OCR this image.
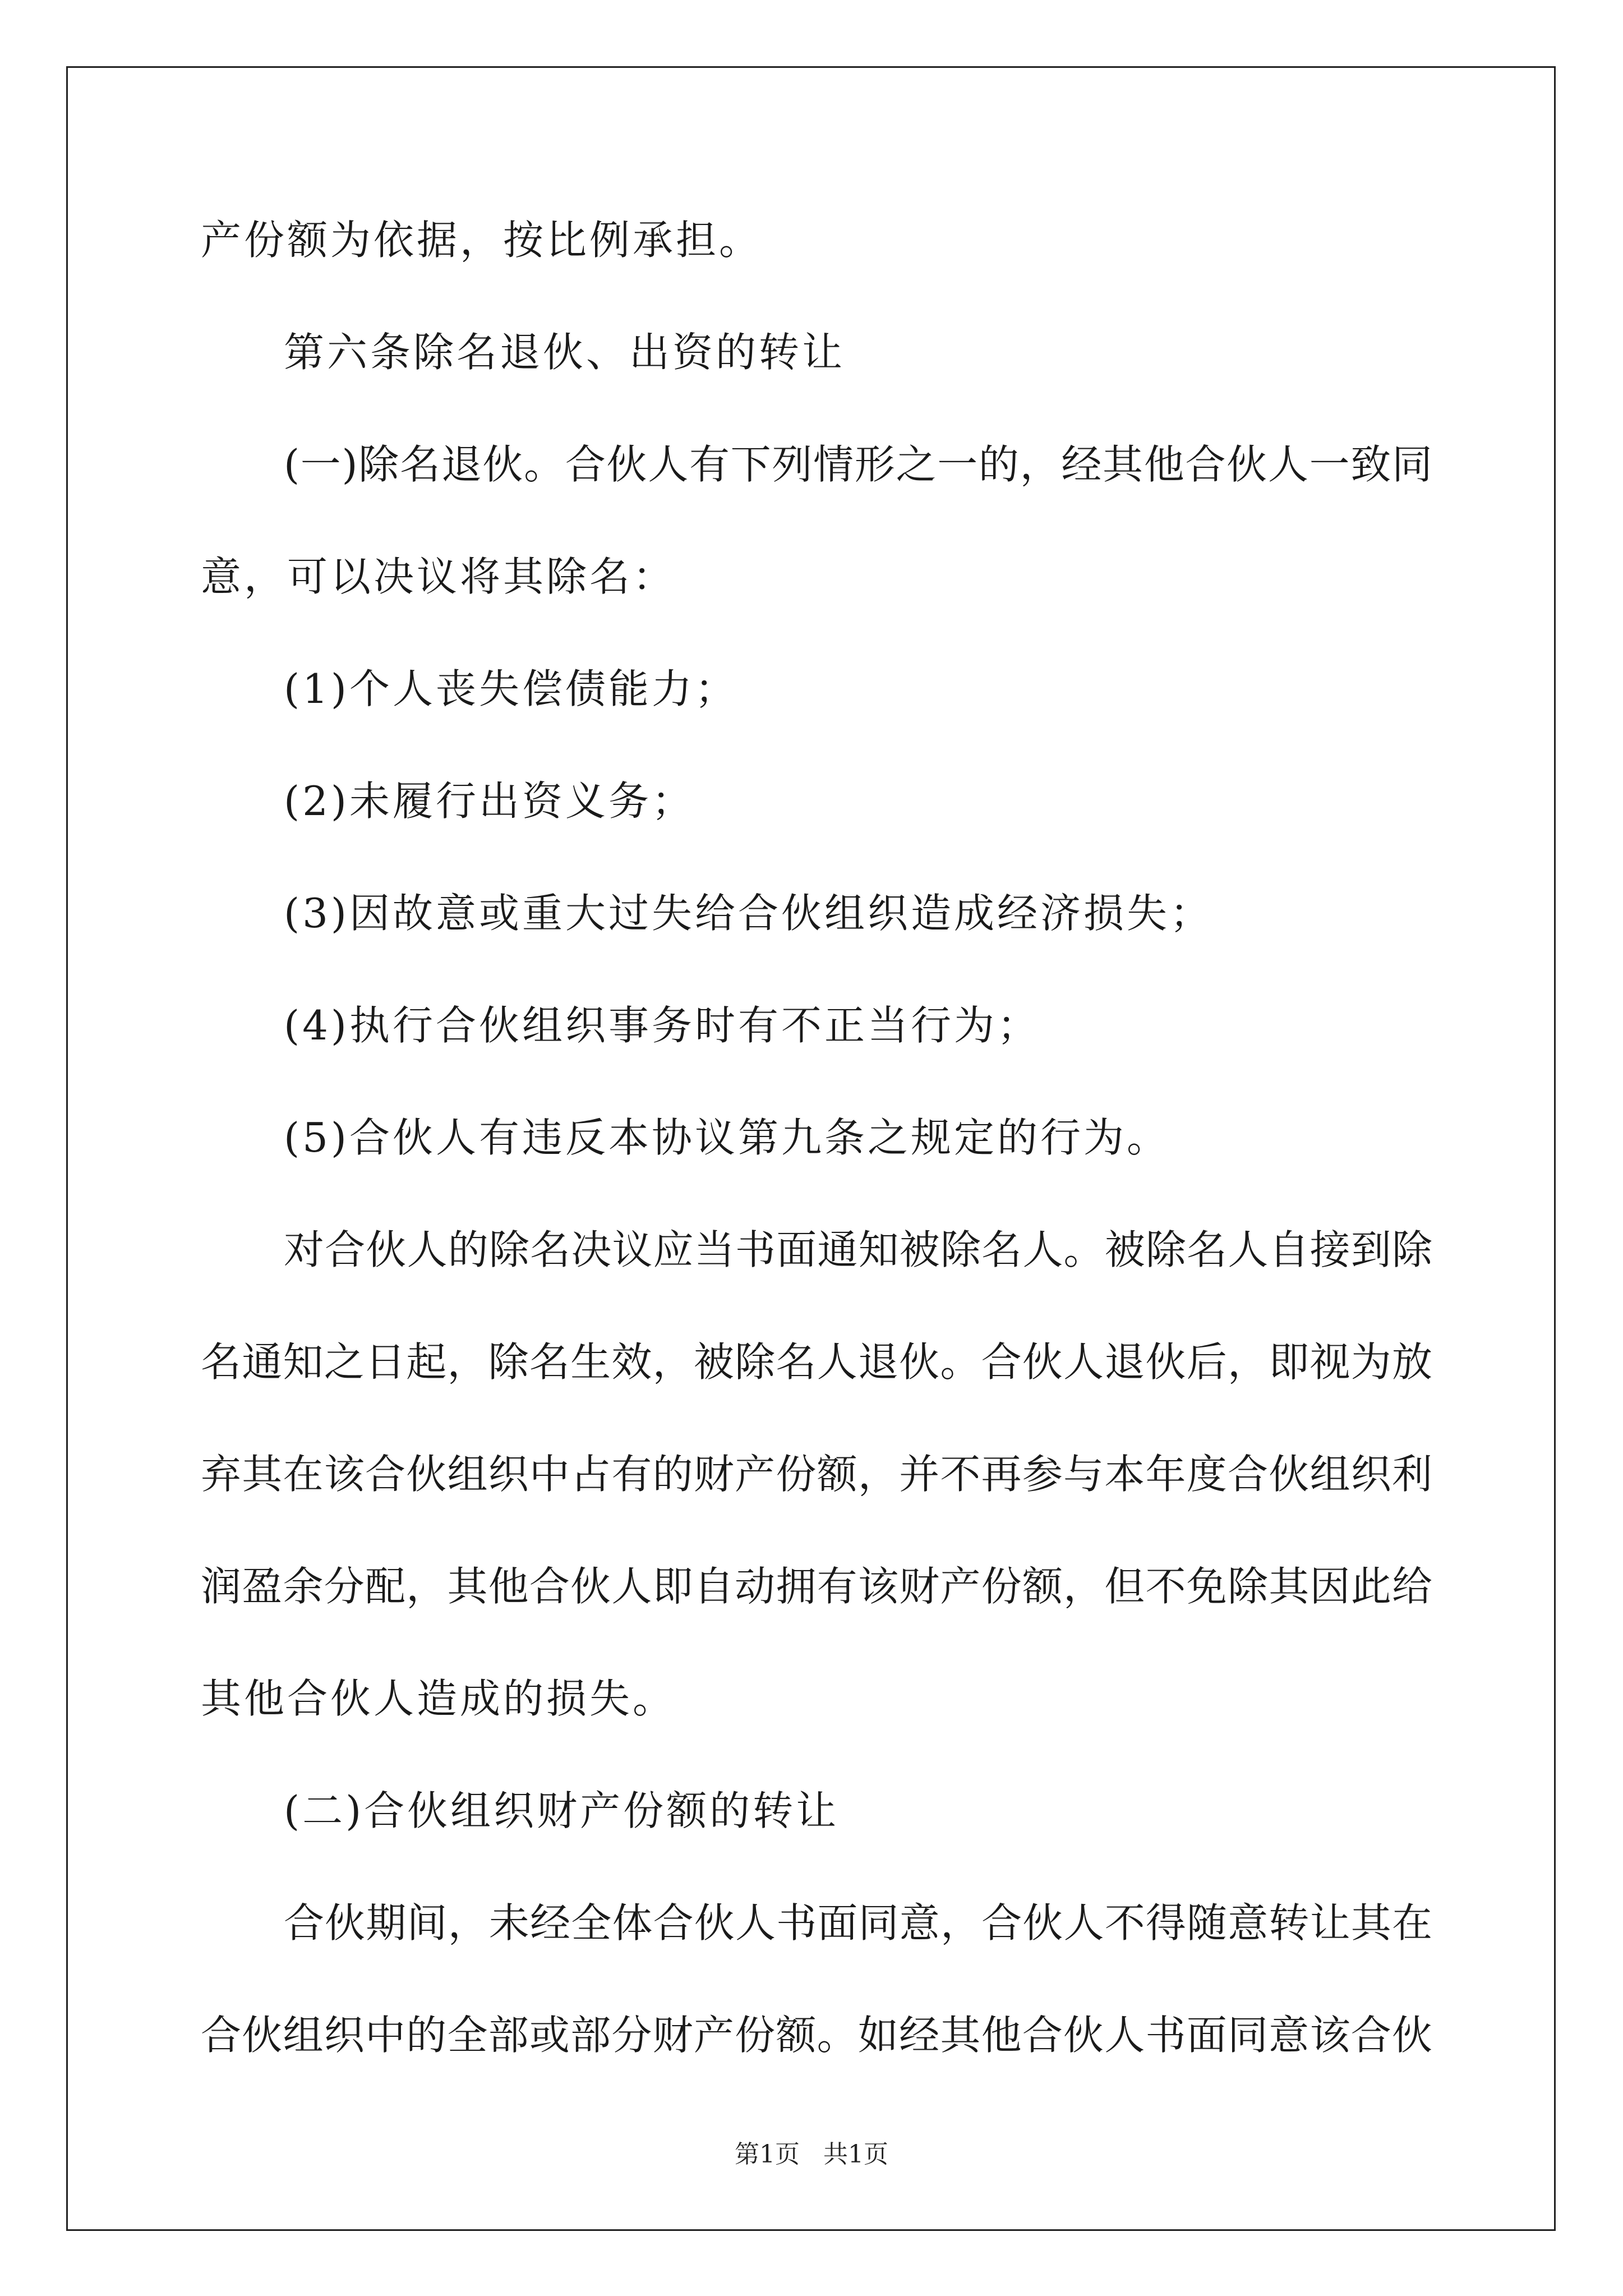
产份额为依据，按比例承担。
第六条除名退伙、出资的转让
(一)除名退伙。合伙人有下列情形之一的，经其他合伙人一致同
意，可以决议将其除名：
(1)个人丧失偿债能力；
(2)未履行出资义务；
(3)因故意或重大过失给合伙组织造成经济损失；
(4)执行合伙组织事务时有不正当行为；
(5)合伙人有违反本协议第九条之规定的行为。
对合伙人的除名决议应当书面通知被除名人。被除名人自接到除
名通知之日起，除名生效，被除名人退伙。合伙人退伙后，即视为放
弃其在该合伙组织中占有的财产份额，并不再参与本年度合伙组织利
润盈余分配，其他合伙人即自动拥有该财产份额，但不免除其因此给
其他合伙人造成的损失。
(二)合伙组织财产份额的转让
合伙期间，未经全体合伙人书面同意，合伙人不得随意转让其在
合伙组织中的全部或部分财产份额。如经其他合伙人书面同意该合伙
第1页   共1页
